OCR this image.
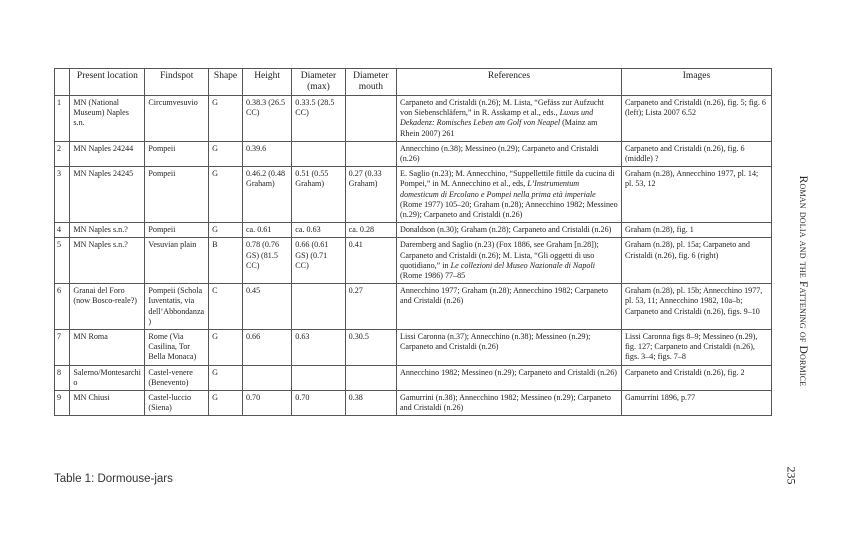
	Present location	Findspot	Shape	Height	Diameter (max)	Diameter mouth	References	Images
1	MN (National Museum) Naples s.n.	Circumvesuvio	G	0.38.3 (26.5 CC)	0.33.5 (28.5 CC)		Carpaneto and Cristaldi (n.26); M. Lista, “Gefäss zur Aufzucht von Siebenschläfern,” in R. Asskamp et al., eds., Luxus und Dekadenz: Romisches Leben am Golf von Neapel (Mainz am Rhein 2007) 261	Carpaneto and Cristaldi (n.26), fig. 5; fig. 6 (left); Lista 2007 6.52
2	MN Naples 24244	Pompeii	G	0.39.6			Annecchino (n.38); Messineo (n.29); Carpaneto and Cristaldi (n.26)	Carpaneto and Cristaldi (n.26), fig. 6 (middle) ?
3	MN Naples 24245	Pompeii	G	0.46.2 (0.48 Graham)	0.51 (0.55 Graham)	0.27 (0.33 Graham)	E. Saglio (n.23); M. Annecchino, “Suppellettile fittile da cucina di Pompei,” in M. Annecchino et al., eds, L’Instrumentum domesticum di Ercolano e Pompei nella prima età imperiale (Rome 1977) 105–20; Graham (n.28); Annecchino 1982; Messineo (n.29); Carpaneto and Cristaldi (n.26)	Graham (n.28), Annecchino 1977, pl. 14; pl. 53, 12
4	MN Naples s.n.?	Pompeii	G	ca. 0.61	ca. 0.63	ca. 0.28	Donaldson (n.30); Graham (n.28); Carpaneto and Cristaldi (n.26)	Graham (n.28), fig. 1
5	MN Naples s.n.?	Vesuvian plain	B	0.78 (0.76 GS) (81.5 CC)	0.66 (0.61 GS) (0.71 CC)	0.41	Daremberg and Saglio (n.23) (Fox 1886, see Graham [n.28]); Carpaneto and Cristaldi (n.26); M. Lista, “Gli oggetti di uso quotidiano,” in Le collezioni del Museo Nazionale di Napoli (Rome 1986) 77–85	Graham (n.28), pl. 15a; Carpaneto and Cristaldi (n.26), fig. 6 (right)
6	Granai del Foro (now Bosco-reale?)	Pompeii (Schola Iuventatis, via dell’Abbondanza)	C	0.45		0.27	Annecchino 1977; Graham (n.28); Annecchino 1982; Carpaneto and Cristaldi (n.26)	Graham (n.28), pl. 15b; Annecchino 1977, pl. 53, 11; Annecchino 1982, 10a–b; Carpaneto and Cristaldi (n.26), figs. 9–10
7	MN Roma	Rome (Via Casilina, Tor Bella Monaca)	G	0.66	0.63	0.30.5	Lissi Caronna (n.37); Annecchino (n.38); Messineo (n.29); Carpaneto and Cristaldi (n.26)	Lissi Caronna figs 8–9; Messineo (n.29), fig. 127; Carpaneto and Cristaldi (n.26), figs. 3–4; figs. 7–8
8	Salerno/Montesarchio	Castel-venere (Benevento)	G				Annecchino 1982; Messineo (n.29); Carpaneto and Cristaldi (n.26)	Carpaneto and Cristaldi (n.26), fig. 2
9	MN Chiusi	Castel-luccio (Siena)	G	0.70	0.70	0.38	Gamurrini (n.38); Annecchino 1982; Messineo (n.29); Carpaneto and Cristaldi (n.26)	Gamurrini 1896, p.77
Table 1: Dormouse-jars
Roman dolia and the Fattening of Dormice
235
